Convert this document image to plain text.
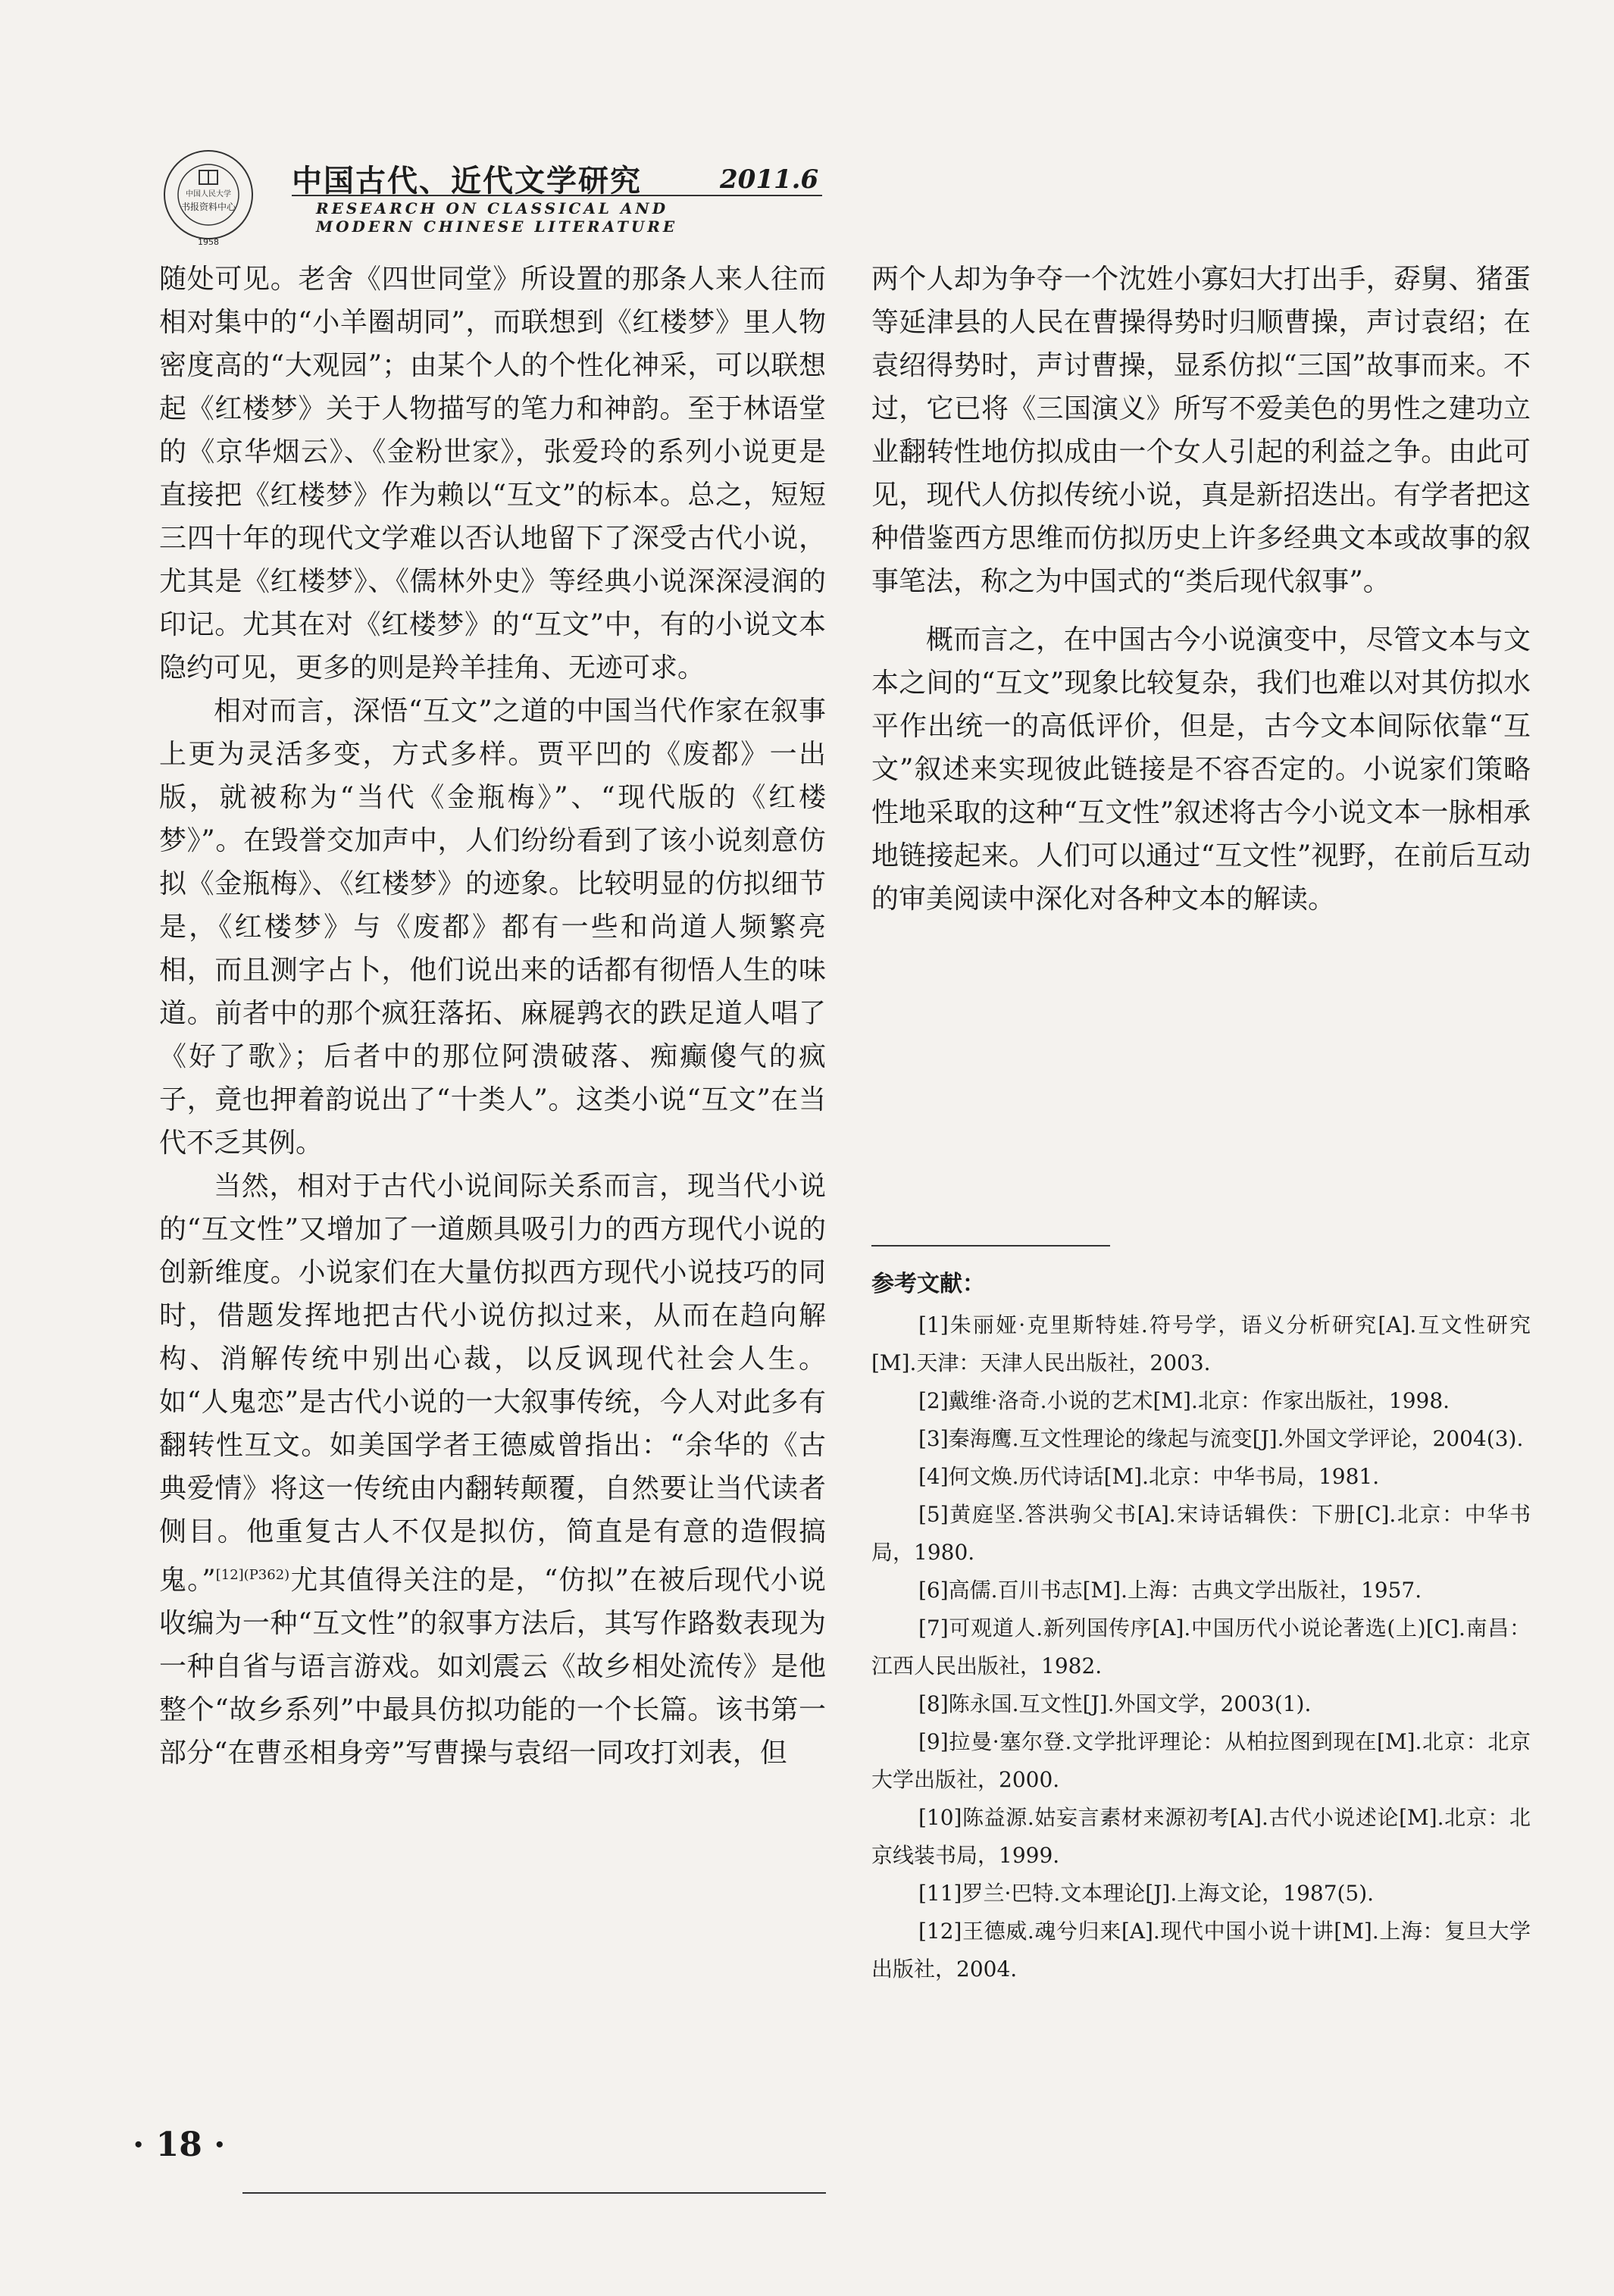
中国人民大学
书报资料中心
1958
中国古代、近代文学研究	2011.6
RESEARCH ON CLASSICAL AND
MODERN CHINESE LITERATURE

随处可见。老舍《四世同堂》所设置的那条人来人往而相对集中的“小羊圈胡同”，而联想到《红楼梦》里人物密度高的“大观园”；由某个人的个性化神采，可以联想起《红楼梦》关于人物描写的笔力和神韵。至于林语堂的《京华烟云》、《金粉世家》，张爱玲的系列小说更是直接把《红楼梦》作为赖以“互文”的标本。总之，短短三四十年的现代文学难以否认地留下了深受古代小说，尤其是《红楼梦》、《儒林外史》等经典小说深深浸润的印记。尤其在对《红楼梦》的“互文”中，有的小说文本隐约可见，更多的则是羚羊挂角、无迹可求。

相对而言，深悟“互文”之道的中国当代作家在叙事上更为灵活多变，方式多样。贾平凹的《废都》一出版，就被称为“当代《金瓶梅》”、“现代版的《红楼梦》”。在毁誉交加声中，人们纷纷看到了该小说刻意仿拟《金瓶梅》、《红楼梦》的迹象。比较明显的仿拟细节是，《红楼梦》与《废都》都有一些和尚道人频繁亮相，而且测字占卜，他们说出来的话都有彻悟人生的味道。前者中的那个疯狂落拓、麻屣鹑衣的跌足道人唱了《好了歌》；后者中的那位阿溃破落、痴癫傻气的疯子，竟也押着韵说出了“十类人”。这类小说“互文”在当代不乏其例。

当然，相对于古代小说间际关系而言，现当代小说的“互文性”又增加了一道颇具吸引力的西方现代小说的创新维度。小说家们在大量仿拟西方现代小说技巧的同时，借题发挥地把古代小说仿拟过来，从而在趋向解构、消解传统中别出心裁，以反讽现代社会人生。如“人鬼恋”是古代小说的一大叙事传统，今人对此多有翻转性互文。如美国学者王德威曾指出：“余华的《古典爱情》将这一传统由内翻转颠覆，自然要让当代读者侧目。他重复古人不仅是拟仿，简直是有意的造假搞鬼。”$^{[12](P362)}$尤其值得关注的是，“仿拟”在被后现代小说收编为一种“互文性”的叙事方法后，其写作路数表现为一种自省与语言游戏。如刘震云《故乡相处流传》是他整个“故乡系列”中最具仿拟功能的一个长篇。该书第一部分“在曹丞相身旁”写曹操与袁绍一同攻打刘表，但

两个人却为争夺一个沈姓小寡妇大打出手，孬舅、猪蛋等延津县的人民在曹操得势时归顺曹操，声讨袁绍；在袁绍得势时，声讨曹操，显系仿拟“三国”故事而来。不过，它已将《三国演义》所写不爱美色的男性之建功立业翻转性地仿拟成由一个女人引起的利益之争。由此可见，现代人仿拟传统小说，真是新招迭出。有学者把这种借鉴西方思维而仿拟历史上许多经典文本或故事的叙事笔法，称之为中国式的“类后现代叙事”。

概而言之，在中国古今小说演变中，尽管文本与文本之间的“互文”现象比较复杂，我们也难以对其仿拟水平作出统一的高低评价，但是，古今文本间际依靠“互文”叙述来实现彼此链接是不容否定的。小说家们策略性地采取的这种“互文性”叙述将古今小说文本一脉相承地链接起来。人们可以通过“互文性”视野，在前后互动的审美阅读中深化对各种文本的解读。

参考文献：

[1]朱丽娅·克里斯特娃.符号学，语义分析研究[A].互文性研究[M].天津：天津人民出版社，2003.

[2]戴维·洛奇.小说的艺术[M].北京：作家出版社，1998.

[3]秦海鹰.互文性理论的缘起与流变[J].外国文学评论，2004(3).

[4]何文焕.历代诗话[M].北京：中华书局，1981.

[5]黄庭坚.答洪驹父书[A].宋诗话辑佚：下册[C].北京：中华书局，1980.

[6]高儒.百川书志[M].上海：古典文学出版社，1957.

[7]可观道人.新列国传序[A].中国历代小说论著选(上)[C].南昌：江西人民出版社，1982.

[8]陈永国.互文性[J].外国文学，2003(1).

[9]拉曼·塞尔登.文学批评理论：从柏拉图到现在[M].北京：北京大学出版社，2000.

[10]陈益源.姑妄言素材来源初考[A].古代小说述论[M].北京：北京线装书局，1999.

[11]罗兰·巴特.文本理论[J].上海文论，1987(5).

[12]王德威.魂兮归来[A].现代中国小说十讲[M].上海：复旦大学出版社，2004.

· 18 ·
